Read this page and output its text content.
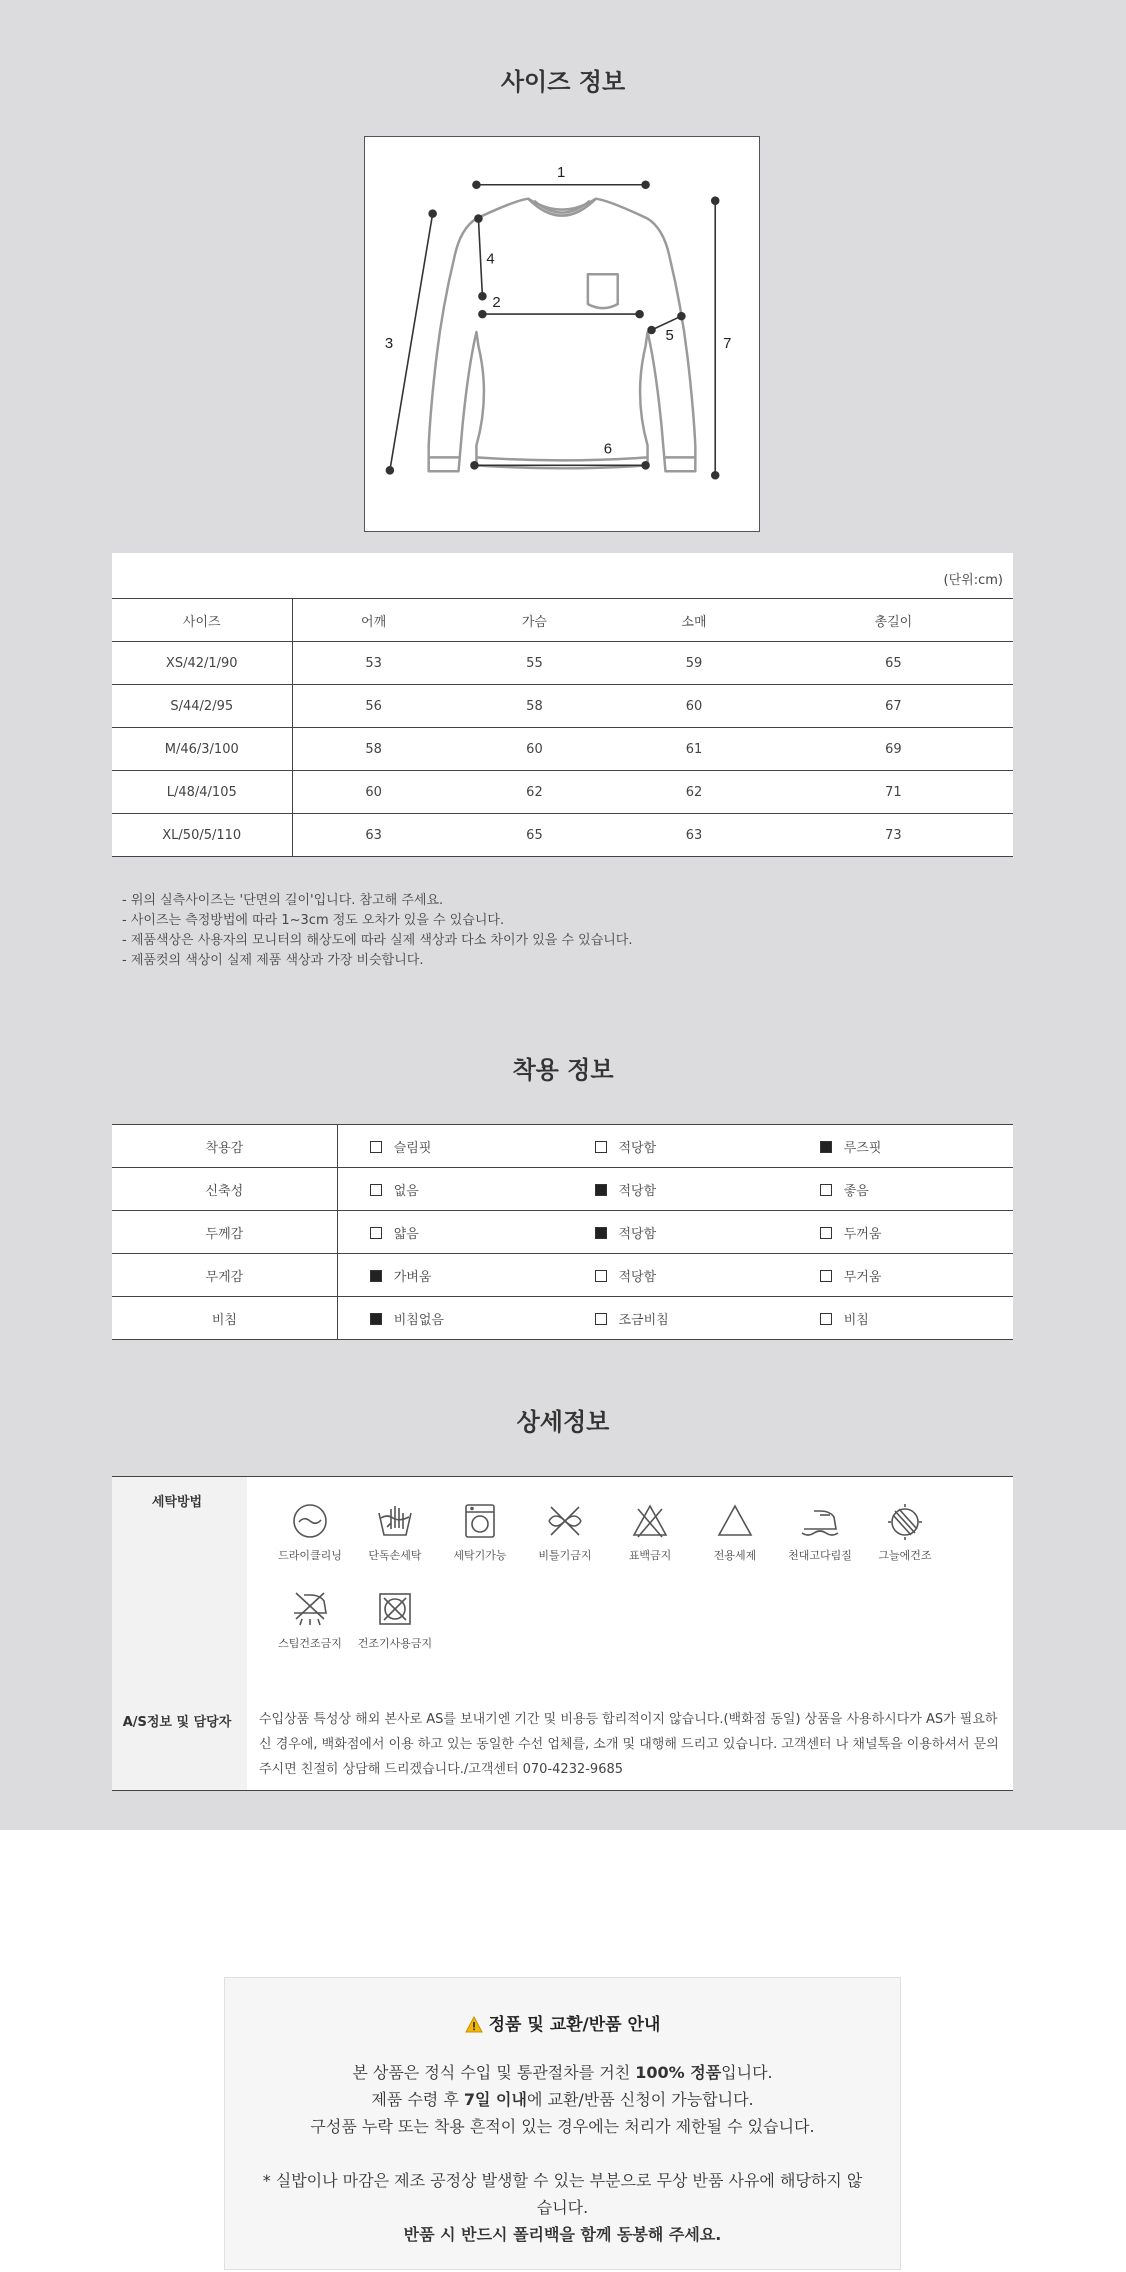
사이즈 정보
1
2
3
4
5
6
7
(단위:cm)
사이즈	어깨	가슴	소매	총길이
XS/42/1/90	53	55	59	65
S/44/2/95	56	58	60	67
M/46/3/100	58	60	61	69
L/48/4/105	60	62	62	71
XL/50/5/110	63	65	63	73
- 위의 실측사이즈는 '단면의 길이'입니다. 참고해 주세요.
- 사이즈는 측정방법에 따라 1~3cm 정도 오차가 있을 수 있습니다.
- 제품색상은 사용자의 모니터의 해상도에 따라 실제 색상과 다소 차이가 있을 수 있습니다.
- 제품컷의 색상이 실제 제품 색상과 가장 비슷합니다.
착용 정보
착용감	슬림핏	적당함	루즈핏
신축성	없음	적당함	좋음
두께감	얇음	적당함	두꺼움
무게감	가벼움	적당함	무거움
비침	비침없음	조금비침	비침
상세정보
세탁방법
A/S정보 및 담당자
드라이클리닝	단독손세탁	세탁기가능	비틀기금지	표백금지	전용세제	천대고다림질	그늘에건조
스팀건조금지	건조기사용금지
수입상품 특성상 해외 본사로 AS를 보내기엔 기간 및 비용등 합리적이지 않습니다.(백화점 동일) 상품을 사용하시다가 AS가 필요하신 경우에, 백화점에서 이용 하고 있는 동일한 수선 업체를, 소개 및 대행해 드리고 있습니다. 고객센터 나 채널톡을 이용하셔서 문의 주시면 친절히 상담해 드리겠습니다./고객센터 070-4232-9685
정품 및 교환/반품 안내
본 상품은 정식 수입 및 통관절차를 거친 100% 정품입니다.
제품 수령 후 7일 이내에 교환/반품 신청이 가능합니다.
구성품 누락 또는 착용 흔적이 있는 경우에는 처리가 제한될 수 있습니다.
* 실밥이나 마감은 제조 공정상 발생할 수 있는 부분으로 무상 반품 사유에 해당하지 않습니다.
반품 시 반드시 폴리백을 함께 동봉해 주세요.
